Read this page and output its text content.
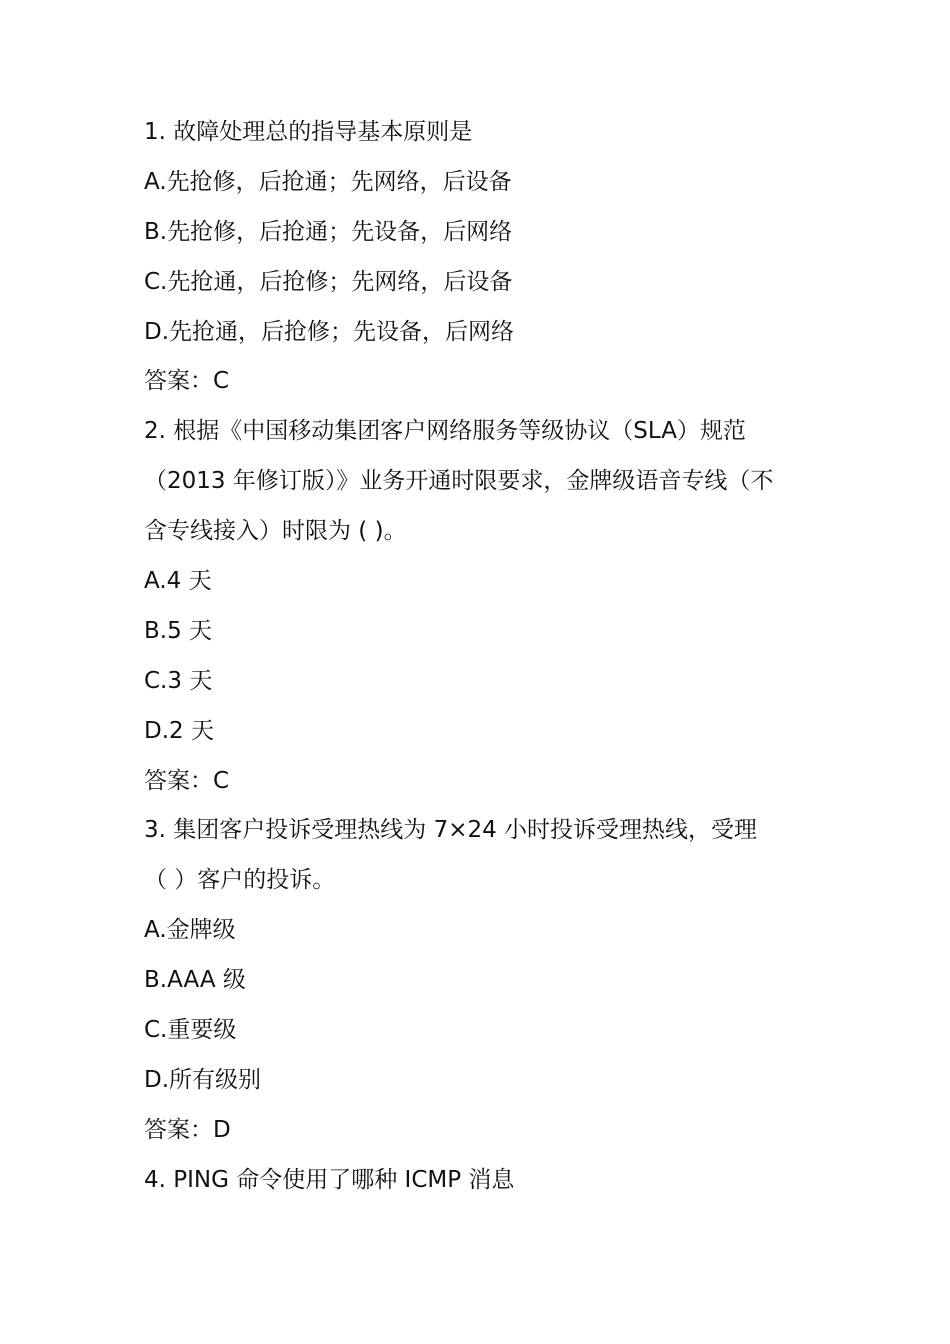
1. 故障处理总的指导基本原则是

A.先抢修，后抢通；先网络，后设备

B.先抢修，后抢通；先设备，后网络

C.先抢通，后抢修；先网络，后设备

D.先抢通，后抢修；先设备，后网络

答案：C

2. 根据《中国移动集团客户网络服务等级协议（SLA）规范

（2013 年修订版）》业务开通时限要求，金牌级语音专线（不

含专线接入）时限为 ( )。

A.4 天

B.5 天

C.3 天

D.2 天

答案：C

3. 集团客户投诉受理热线为 7×24 小时投诉受理热线，受理

（ ）客户的投诉。

A.金牌级

B.AAA 级

C.重要级

D.所有级别

答案：D

4. PING 命令使用了哪种 ICMP 消息
